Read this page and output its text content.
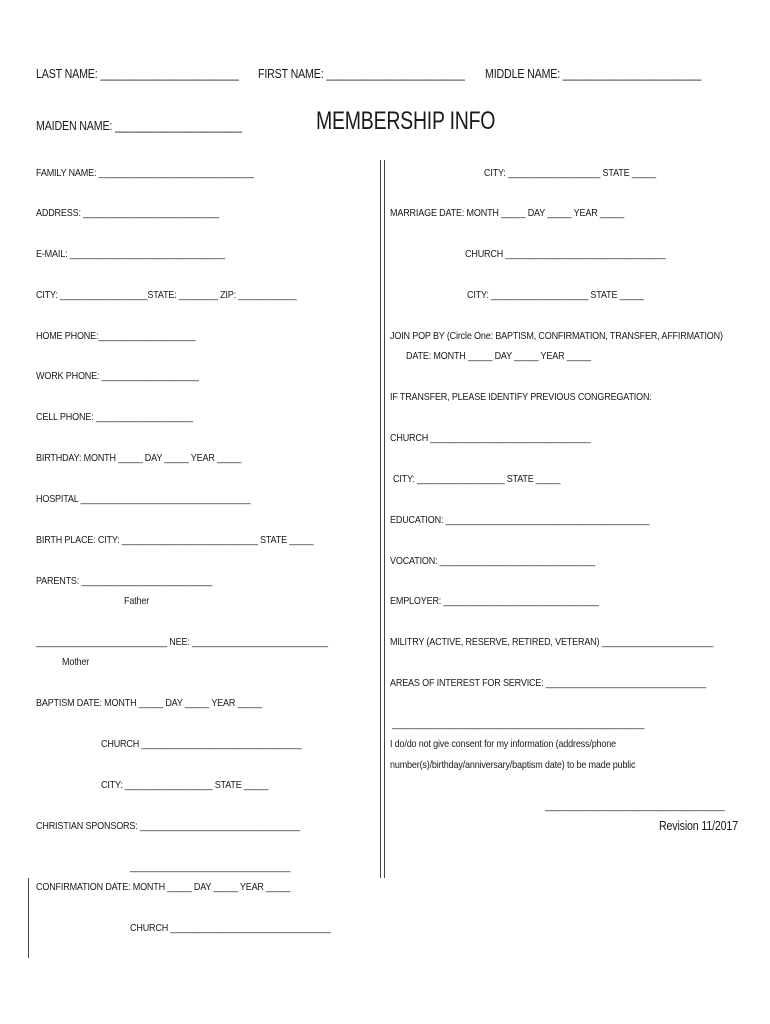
LAST NAME: ________________________ FIRST NAME: ________________________ MIDDLE NAME: ________________________
MAIDEN NAME: ______________________	MEMBERSHIP INFO
FAMILY NAME: ________________________________
ADDRESS: ____________________________
E-MAIL: ________________________________
CITY: __________________STATE: ________ ZIP: ____________
HOME PHONE:____________________
WORK PHONE: ____________________
CELL PHONE: ____________________
BIRTHDAY: MONTH _____ DAY _____ YEAR _____
HOSPITAL ___________________________________
BIRTH PLACE: CITY: ____________________________ STATE _____
PARENTS: ___________________________
Father
___________________________ NEE: ____________________________
Mother
BAPTISM DATE: MONTH _____ DAY _____ YEAR _____
CHURCH _________________________________
CITY: __________________ STATE _____
CHRISTIAN SPONSORS: _________________________________
_________________________________
CONFIRMATION DATE: MONTH _____ DAY _____ YEAR _____
CHURCH _________________________________
CITY: ___________________ STATE _____
MARRIAGE DATE: MONTH _____ DAY _____ YEAR _____
CHURCH _________________________________
CITY: ____________________ STATE _____
JOIN POP BY (Circle One: BAPTISM, CONFIRMATION, TRANSFER, AFFIRMATION)
DATE: MONTH _____ DAY _____ YEAR _____
IF TRANSFER, PLEASE IDENTIFY PREVIOUS CONGREGATION:
CHURCH _________________________________
CITY: __________________ STATE _____
EDUCATION: __________________________________________
VOCATION: ________________________________
EMPLOYER: ________________________________
MILITRY (ACTIVE, RESERVE, RETIRED, VETERAN) _______________________
AREAS OF INTEREST FOR SERVICE: _________________________________
____________________________________________________
I do/do not give consent for my information (address/phone
number(s)/birthday/anniversary/baptism date) to be made public
_____________________________________
Revision 11/2017
